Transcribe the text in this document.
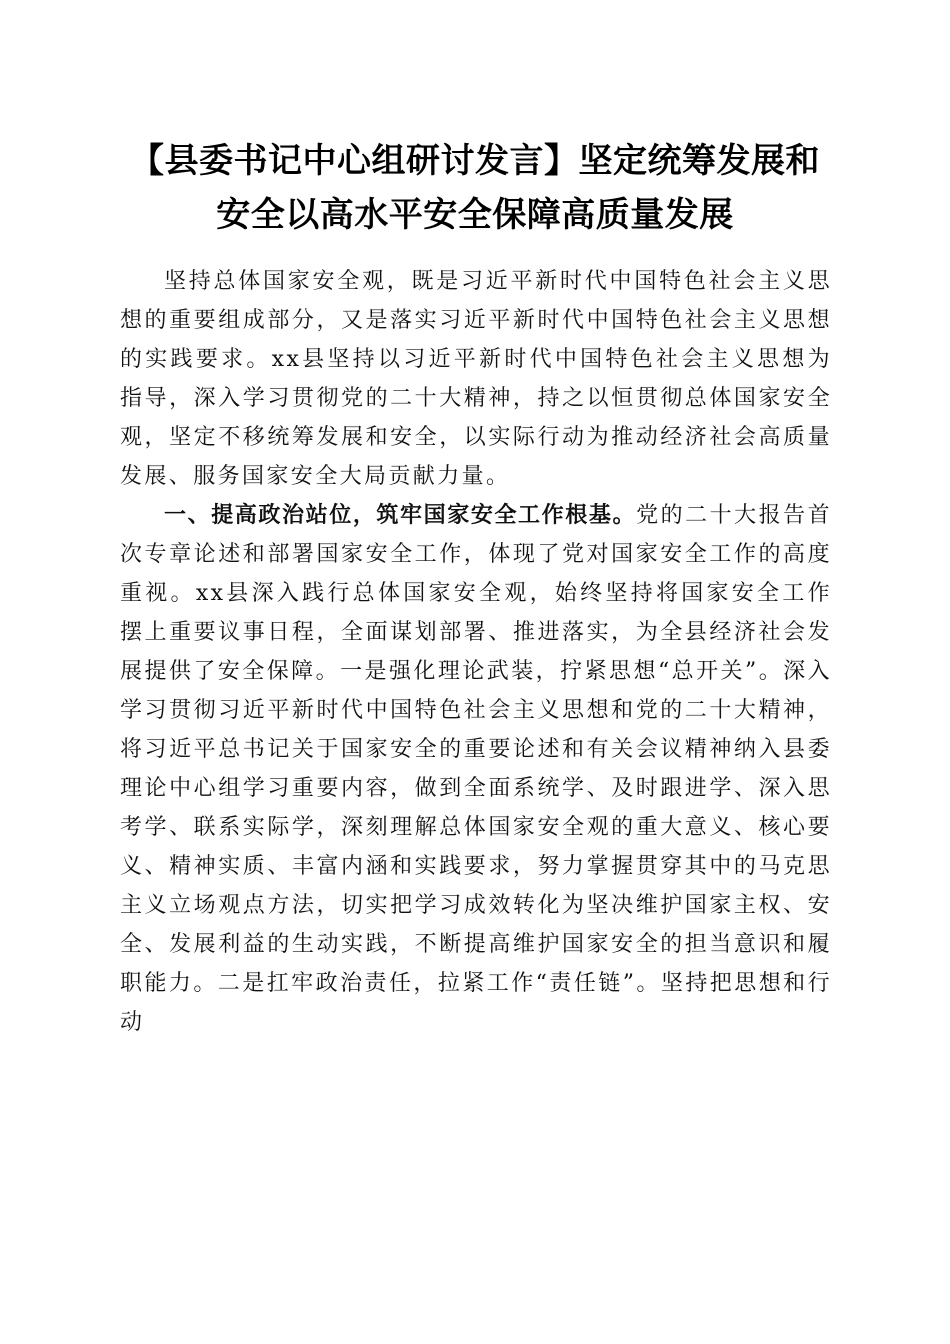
【县委书记中心组研讨发言】坚定统筹发展和
安全以高水平安全保障高质量发展

坚持总体国家安全观，既是习近平新时代中国特色社会主义思想的重要组成部分，又是落实习近平新时代中国特色社会主义思想的实践要求。xx县坚持以习近平新时代中国特色社会主义思想为指导，深入学习贯彻党的二十大精神，持之以恒贯彻总体国家安全观，坚定不移统筹发展和安全，以实际行动为推动经济社会高质量发展、服务国家安全大局贡献力量。

一、提高政治站位，筑牢国家安全工作根基。党的二十大报告首次专章论述和部署国家安全工作，体现了党对国家安全工作的高度重视。xx县深入践行总体国家安全观，始终坚持将国家安全工作摆上重要议事日程，全面谋划部署、推进落实，为全县经济社会发展提供了安全保障。一是强化理论武装，拧紧思想“总开关”。深入学习贯彻习近平新时代中国特色社会主义思想和党的二十大精神，将习近平总书记关于国家安全的重要论述和有关会议精神纳入县委理论中心组学习重要内容，做到全面系统学、及时跟进学、深入思考学、联系实际学，深刻理解总体国家安全观的重大意义、核心要义、精神实质、丰富内涵和实践要求，努力掌握贯穿其中的马克思主义立场观点方法，切实把学习成效转化为坚决维护国家主权、安全、发展利益的生动实践，不断提高维护国家安全的担当意识和履职能力。二是扛牢政治责任，拉紧工作“责任链”。坚持把思想和行动
